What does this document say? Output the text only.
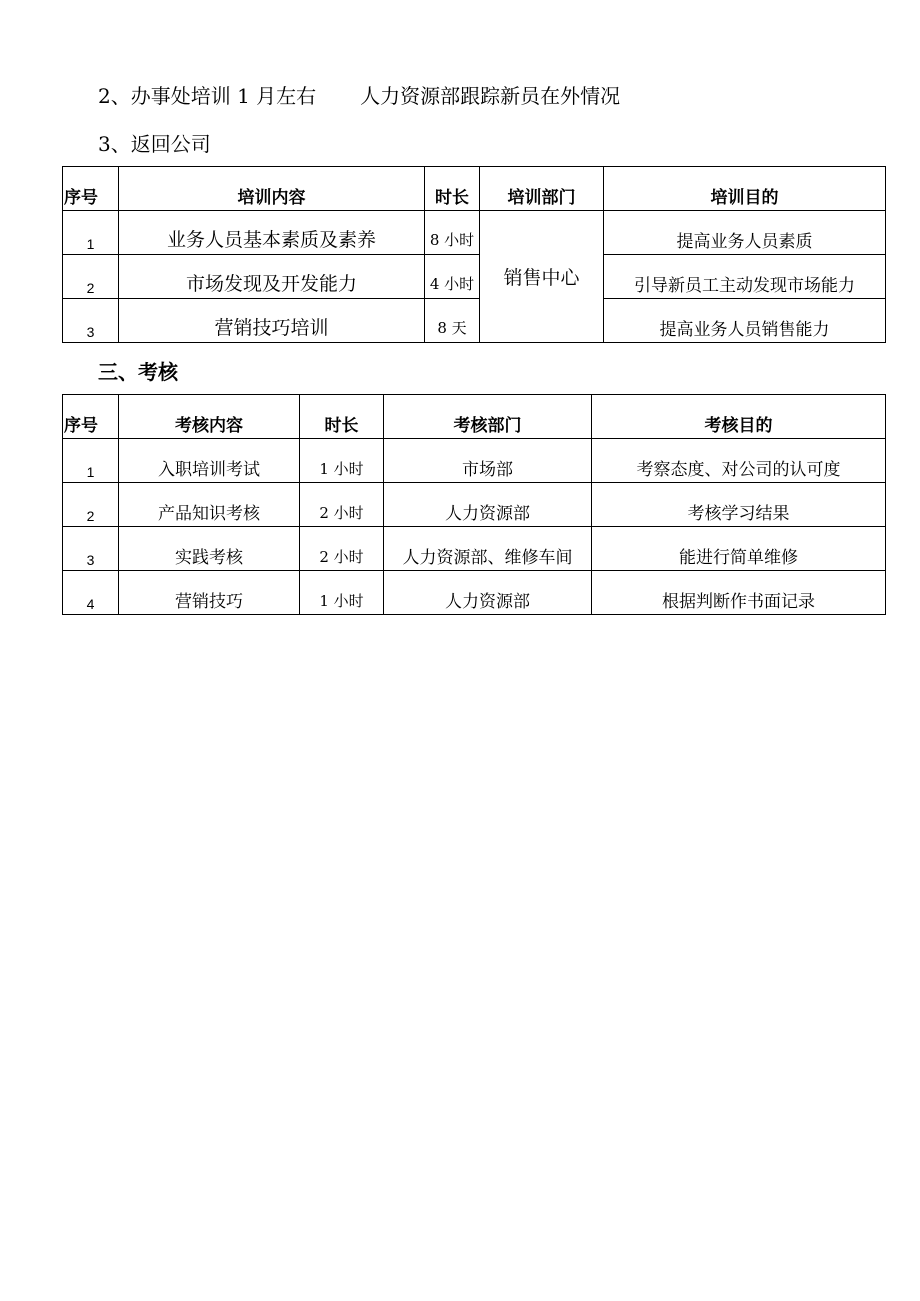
2、办事处培训 1 月左右 人力资源部跟踪新员在外情况
3、返回公司
序号	培训内容	时长	培训部门	培训目的
1	业务人员基本素质及素养	8 小时	销售中心	提高业务人员素质
2	市场发现及开发能力	4 小时		引导新员工主动发现市场能力
3	营销技巧培训	8 天		提高业务人员销售能力
三、考核
序号	考核内容	时长	考核部门	考核目的
1	入职培训考试	1 小时	市场部	考察态度、对公司的认可度
2	产品知识考核	2 小时	人力资源部	考核学习结果
3	实践考核	2 小时	人力资源部、维修车间	能进行简单维修
4	营销技巧	1 小时	人力资源部	根据判断作书面记录
